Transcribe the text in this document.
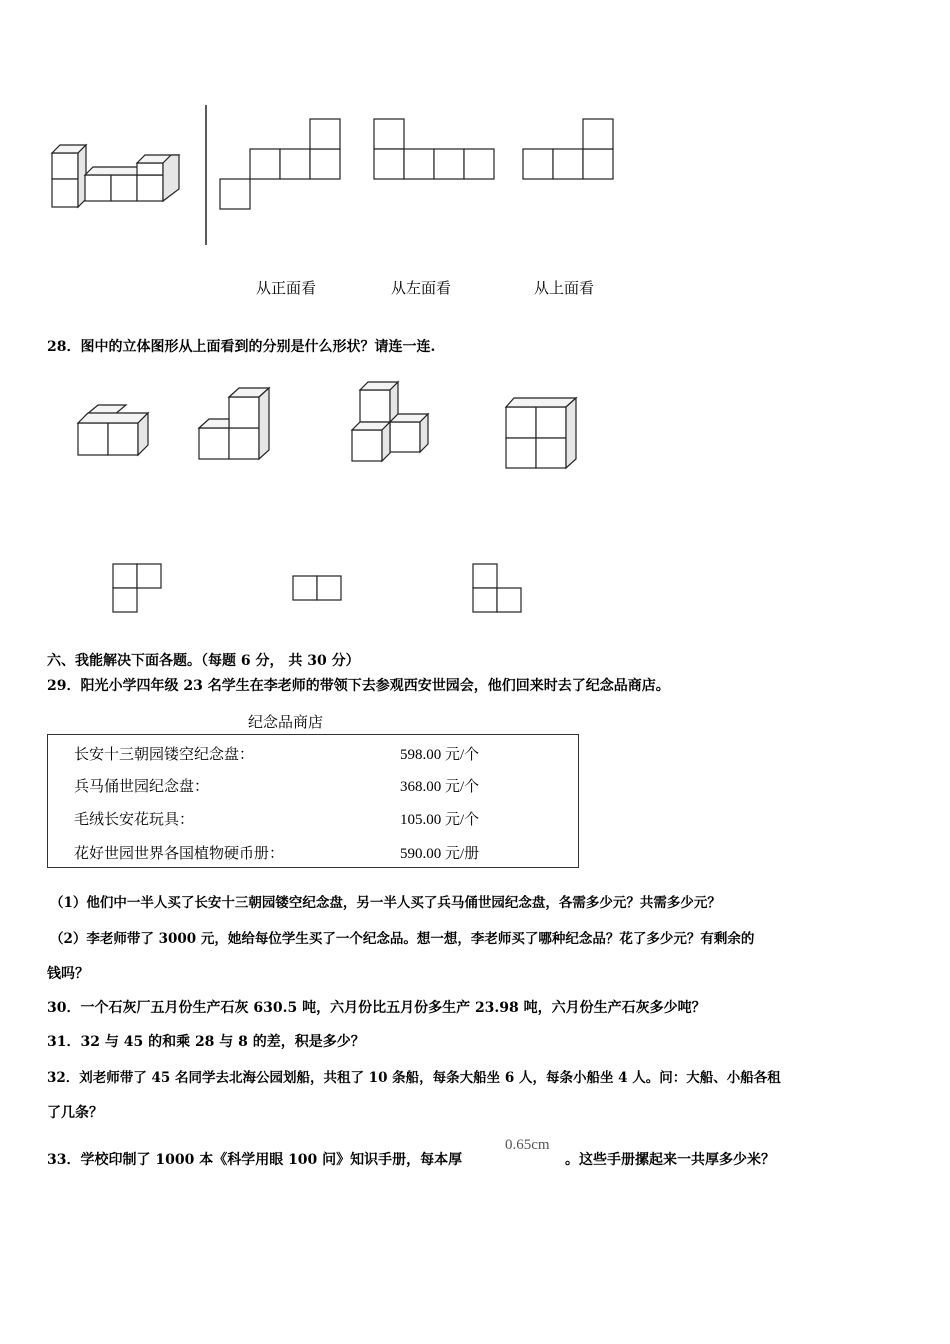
从正面看	从左面看	从上面看
28．图中的立体图形从上面看到的分别是什么形状？请连一连.
六、我能解决下面各题。（每题 6 分， 共 30 分）
29．阳光小学四年级 23 名学生在李老师的带领下去参观西安世园会，他们回来时去了纪念品商店。
纪念品商店
长安十三朝园镂空纪念盘：	598.00 元/个
兵马俑世园纪念盘：	368.00 元/个
毛绒长安花玩具：	105.00 元/个
花好世园世界各国植物硬币册：	590.00 元/册
（1）他们中一半人买了长安十三朝园镂空纪念盘，另一半人买了兵马俑世园纪念盘，各需多少元？共需多少元？
（2）李老师带了 3000 元，她给每位学生买了一个纪念品。想一想，李老师买了哪种纪念品？花了多少元？有剩余的
钱吗？
30．一个石灰厂五月份生产石灰 630.5 吨，六月份比五月份多生产 23.98 吨，六月份生产石灰多少吨？
31．32 与 45 的和乘 28 与 8 的差，积是多少？
32．刘老师带了 45 名同学去北海公园划船，共租了 10 条船，每条大船坐 6 人，每条小船坐 4 人。问：大船、小船各租
了几条？
33．学校印制了 1000 本《科学用眼 100 问》知识手册，每本厚
0.65cm
。这些手册摞起来一共厚多少米？
